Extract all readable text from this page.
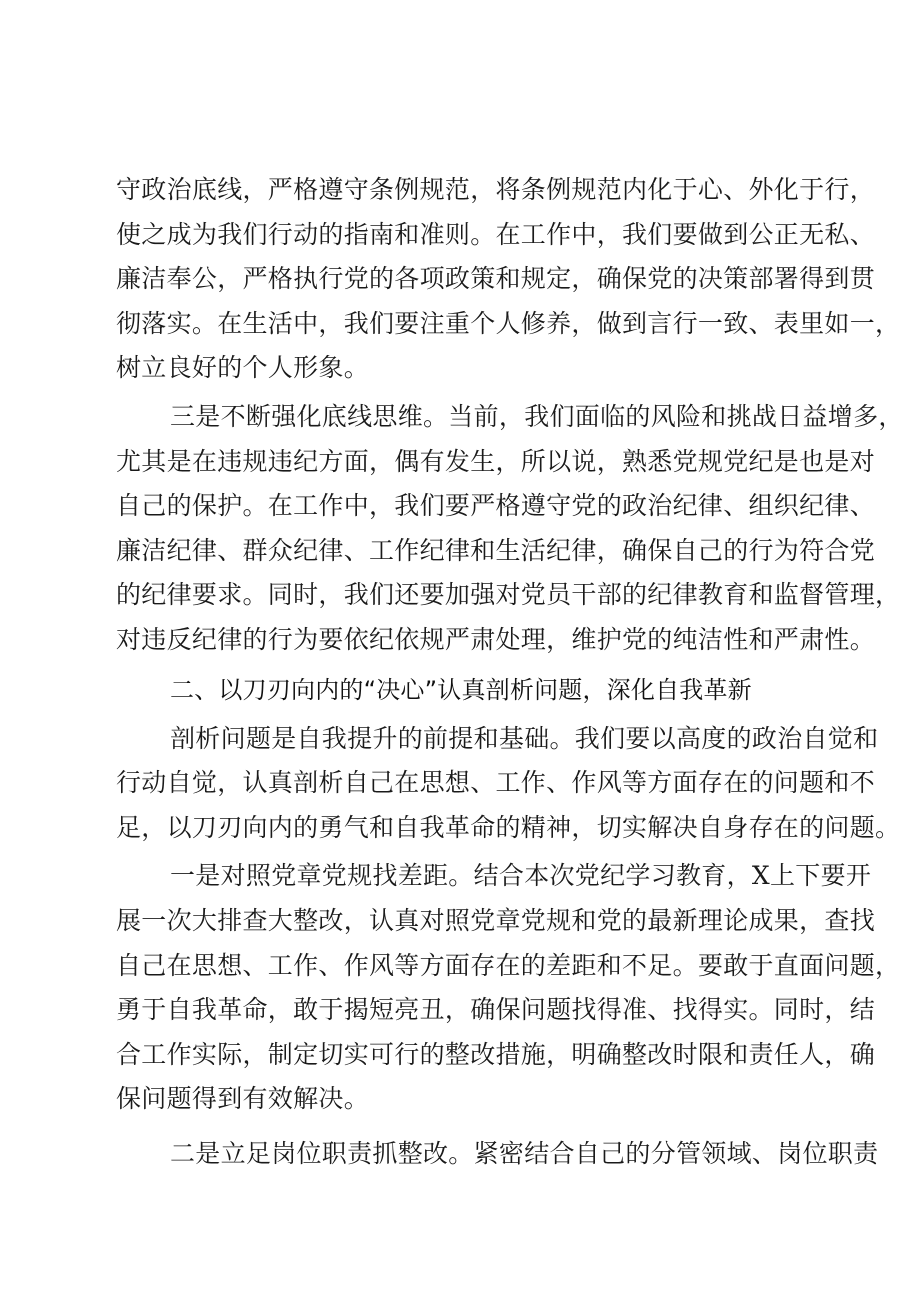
守政治底线，严格遵守条例规范，将条例规范内化于心、外化于行，
使之成为我们行动的指南和准则。在工作中，我们要做到公正无私、
廉洁奉公，严格执行党的各项政策和规定，确保党的决策部署得到贯
彻落实。在生活中，我们要注重个人修养，做到言行一致、表里如一，
树立良好的个人形象。
三是不断强化底线思维。当前，我们面临的风险和挑战日益增多，
尤其是在违规违纪方面，偶有发生，所以说，熟悉党规党纪是也是对
自己的保护。在工作中，我们要严格遵守党的政治纪律、组织纪律、
廉洁纪律、群众纪律、工作纪律和生活纪律，确保自己的行为符合党
的纪律要求。同时，我们还要加强对党员干部的纪律教育和监督管理，
对违反纪律的行为要依纪依规严肃处理，维护党的纯洁性和严肃性。
二、以刀刃向内的“决心”认真剖析问题，深化自我革新
剖析问题是自我提升的前提和基础。我们要以高度的政治自觉和
行动自觉，认真剖析自己在思想、工作、作风等方面存在的问题和不
足，以刀刃向内的勇气和自我革命的精神，切实解决自身存在的问题。
一是对照党章党规找差距。结合本次党纪学习教育，X上下要开
展一次大排查大整改，认真对照党章党规和党的最新理论成果，查找
自己在思想、工作、作风等方面存在的差距和不足。要敢于直面问题，
勇于自我革命，敢于揭短亮丑，确保问题找得准、找得实。同时，结
合工作实际，制定切实可行的整改措施，明确整改时限和责任人，确
保问题得到有效解决。
二是立足岗位职责抓整改。紧密结合自己的分管领域、岗位职责
